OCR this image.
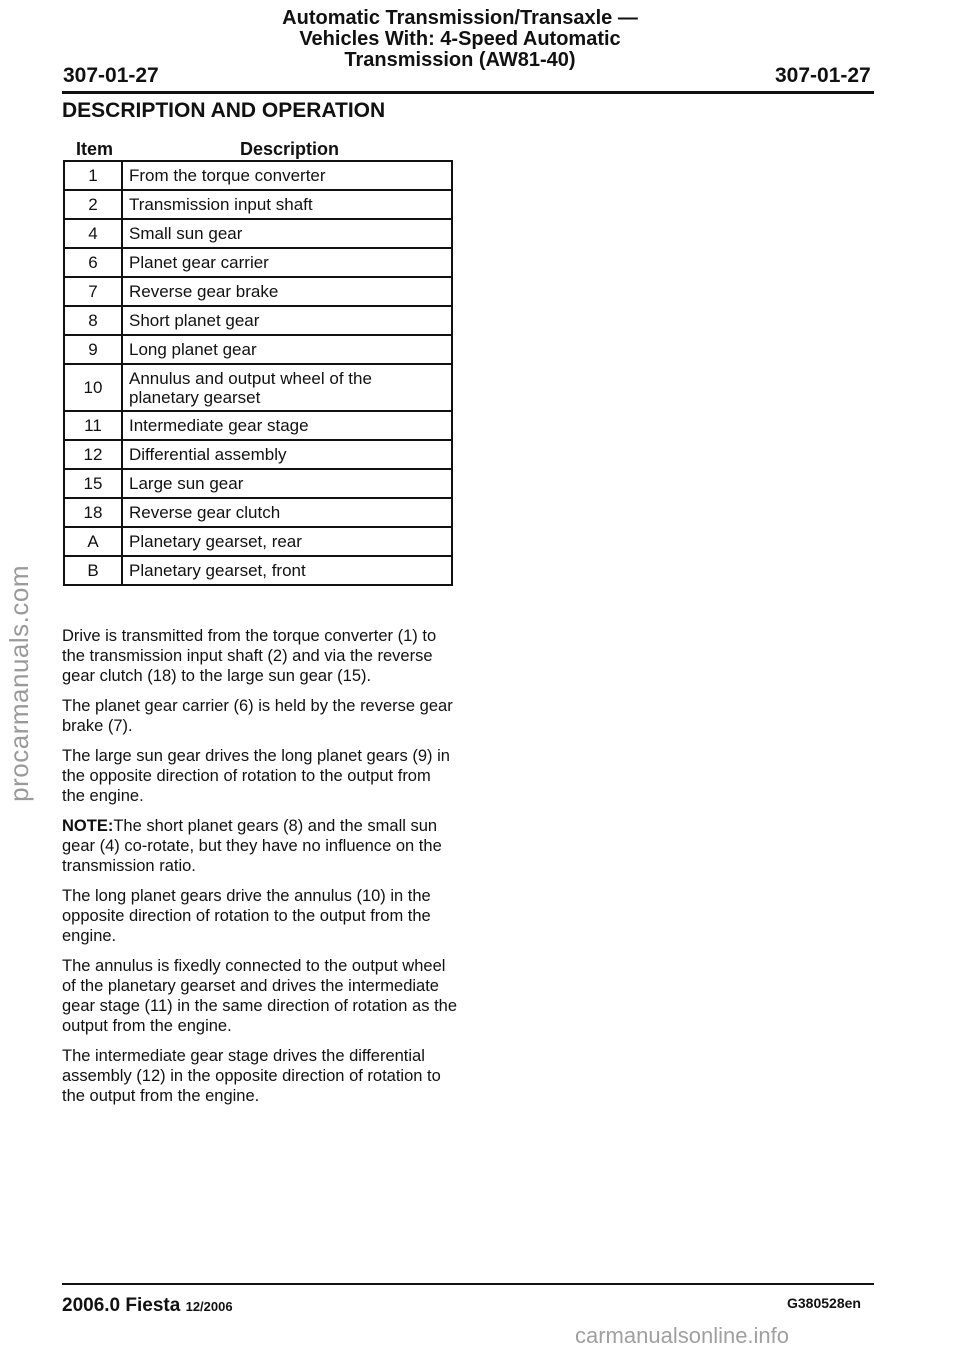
Automatic Transmission/Transaxle —
Vehicles With: 4-Speed Automatic
Transmission (AW81-40)
307-01-27	307-01-27
DESCRIPTION AND OPERATION
Item	Description
1	From the torque converter
2	Transmission input shaft
4	Small sun gear
6	Planet gear carrier
7	Reverse gear brake
8	Short planet gear
9	Long planet gear
10	Annulus and output wheel of the planetary gearset
11	Intermediate gear stage
12	Differential assembly
15	Large sun gear
18	Reverse gear clutch
A	Planetary gearset, rear
B	Planetary gearset, front

Drive is transmitted from the torque converter (1) to the transmission input shaft (2) and via the reverse gear clutch (18) to the large sun gear (15).

The planet gear carrier (6) is held by the reverse gear brake (7).

The large sun gear drives the long planet gears (9) in the opposite direction of rotation to the output from the engine.

NOTE:The short planet gears (8) and the small sun gear (4) co-rotate, but they have no influence on the transmission ratio.

The long planet gears drive the annulus (10) in the opposite direction of rotation to the output from the engine.

The annulus is fixedly connected to the output wheel of the planetary gearset and drives the intermediate gear stage (11) in the same direction of rotation as the output from the engine.

The intermediate gear stage drives the differential assembly (12) in the opposite direction of rotation to the output from the engine.

procarmanuals.com
2006.0 Fiesta 12/2006	G380528en
carmanualsonline.info
